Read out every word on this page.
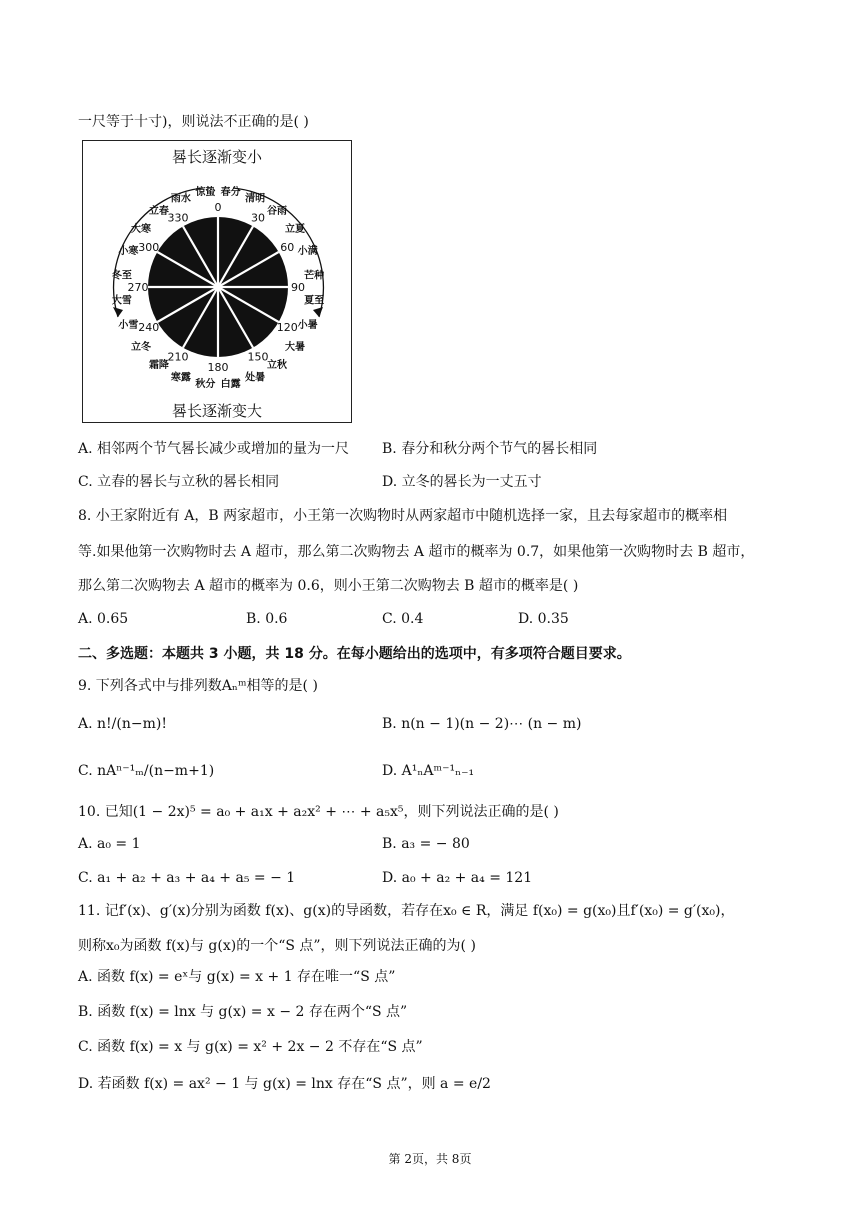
一尺等于十寸)，则说法不正确的是( )
晷长逐渐变小
0
30
60
90
120
150
180
210
240
270
300
330
春分
清明
谷雨
立夏
小满
芒种
夏至
小暑
大暑
立秋
处暑
白露
秋分
寒露
霜降
立冬
小雪
大雪
冬至
小寒
大寒
立春
雨水
惊蛰
晷长逐渐变大
A. 相邻两个节气晷长减少或增加的量为一尺 B. 春分和秋分两个节气的晷长相同
C. 立春的晷长与立秋的晷长相同	D. 立冬的晷长为一丈五寸
8. 小王家附近有 A，B 两家超市，小王第一次购物时从两家超市中随机选择一家，且去每家超市的概率相
等.如果他第一次购物时去 A 超市，那么第二次购物去 A 超市的概率为 0.7，如果他第一次购物时去 B 超市，
那么第二次购物去 A 超市的概率为 0.6，则小王第二次购物去 B 超市的概率是( )
A. 0.65	B. 0.6	C. 0.4	D. 0.35
二、多选题：本题共 3 小题，共 18 分。在每小题给出的选项中，有多项符合题目要求。
9. 下列各式中与排列数Aₙᵐ相等的是( )
A. n!/(n−m)!	B. n(n − 1)(n − 2)⋯ (n − m)
C. nAⁿ⁻¹ₘ/(n−m+1)	D. A¹ₙAᵐ⁻¹ₙ₋₁
10. 已知(1 − 2x)⁵ = a₀ + a₁x + a₂x² + ⋯ + a₅x⁵，则下列说法正确的是( )
A. a₀ = 1	B. a₃ = − 80
C. a₁ + a₂ + a₃ + a₄ + a₅ = − 1	D. a₀ + a₂ + a₄ = 121
11. 记f′(x)、g′(x)分别为函数 f(x)、g(x)的导函数，若存在x₀ ∈ R，满足 f(x₀) = g(x₀)且f′(x₀) = g′(x₀)，
则称x₀为函数 f(x)与 g(x)的一个“S 点”，则下列说法正确的为( )
A. 函数 f(x) = eˣ与 g(x) = x + 1 存在唯一“S 点”
B. 函数 f(x) = lnx 与 g(x) = x − 2 存在两个“S 点”
C. 函数 f(x) = x 与 g(x) = x² + 2x − 2 不存在“S 点”
D. 若函数 f(x) = ax² − 1 与 g(x) = lnx 存在“S 点”，则 a = e/2
第 2页，共 8页
